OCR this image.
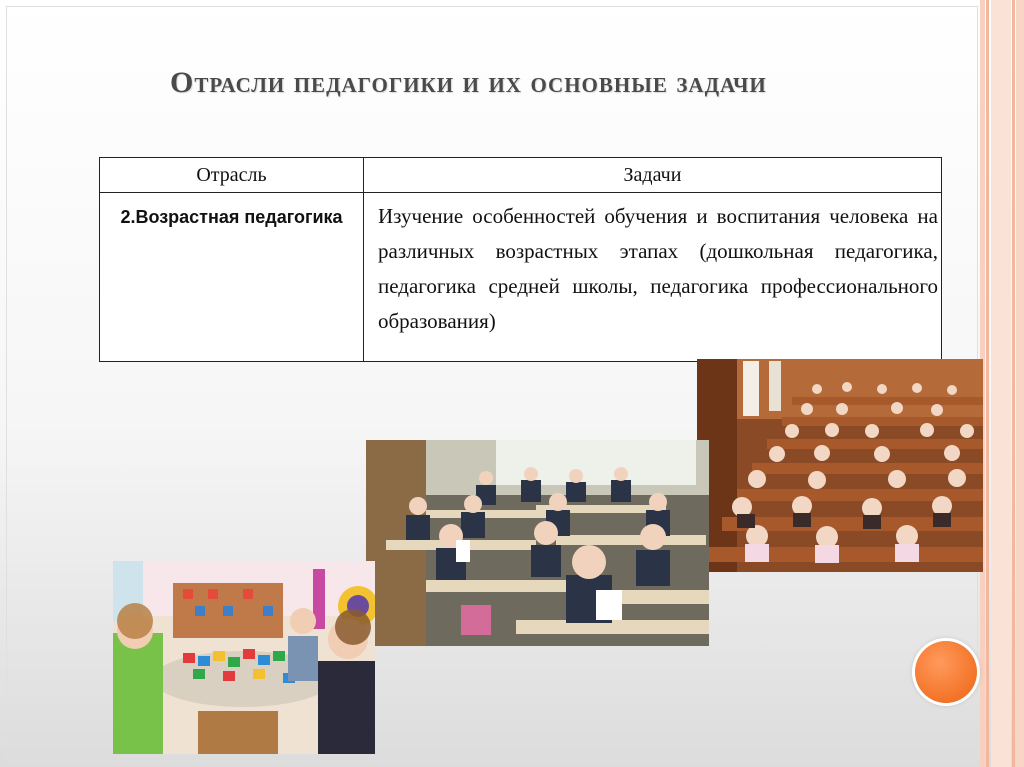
Отрасли педагогики и их основные задачи
Отрасль	Задачи
2.Возрастная педагогика	Изучение особенностей обучения и воспитания человека на различных возрастных этапах (дошкольная педагогика, педагогика средней школы, педагогика профессионального образования)
